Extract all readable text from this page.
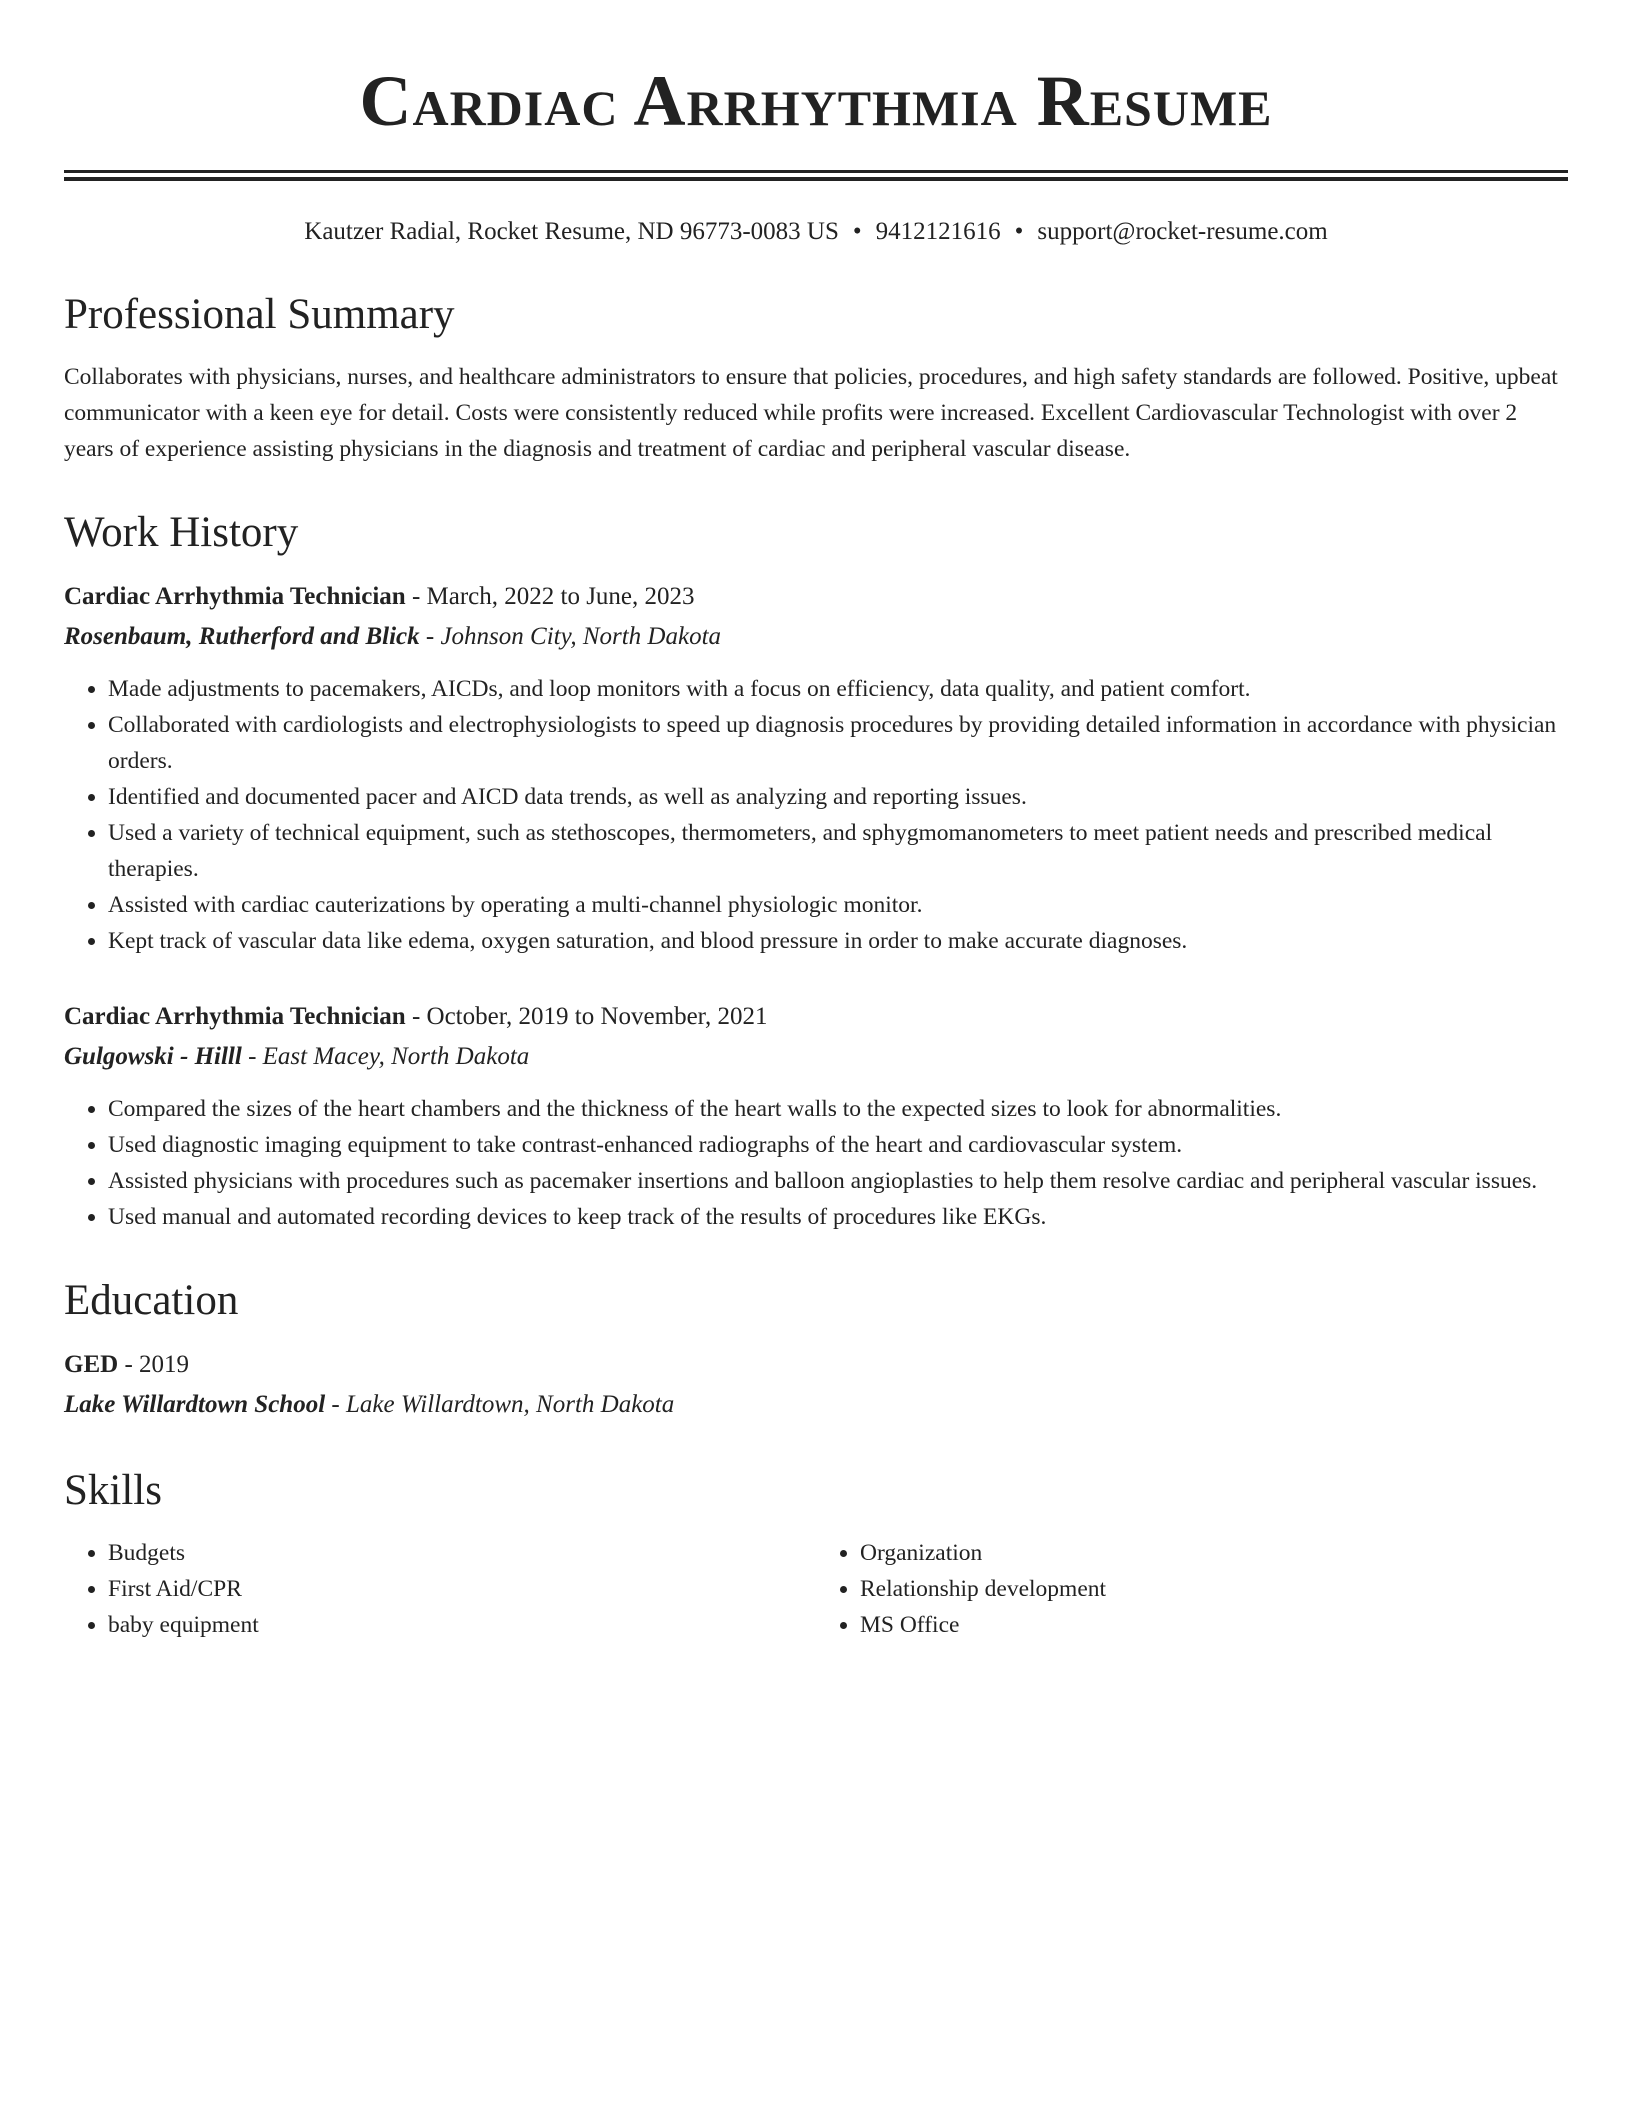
Cardiac Arrhythmia Resume
Kautzer Radial, Rocket Resume, ND 96773-0083 US • 9412121616 • support@rocket-resume.com
Professional Summary

Collaborates with physicians, nurses, and healthcare administrators to ensure that policies, procedures, and high safety standards are followed. Positive, upbeat communicator with a keen eye for detail. Costs were consistently reduced while profits were increased. Excellent Cardiovascular Technologist with over 2 years of experience assisting physicians in the diagnosis and treatment of cardiac and peripheral vascular disease.

Work History
Cardiac Arrhythmia Technician - March, 2022 to June, 2023
Rosenbaum, Rutherford and Blick - Johnson City, North Dakota
• Made adjustments to pacemakers, AICDs, and loop monitors with a focus on efficiency, data quality, and patient comfort.
• Collaborated with cardiologists and electrophysiologists to speed up diagnosis procedures by providing detailed information in accordance with physician orders.
• Identified and documented pacer and AICD data trends, as well as analyzing and reporting issues.
• Used a variety of technical equipment, such as stethoscopes, thermometers, and sphygmomanometers to meet patient needs and prescribed medical therapies.
• Assisted with cardiac cauterizations by operating a multi-channel physiologic monitor.
• Kept track of vascular data like edema, oxygen saturation, and blood pressure in order to make accurate diagnoses.
Cardiac Arrhythmia Technician - October, 2019 to November, 2021
Gulgowski - Hilll - East Macey, North Dakota
• Compared the sizes of the heart chambers and the thickness of the heart walls to the expected sizes to look for abnormalities.
• Used diagnostic imaging equipment to take contrast-enhanced radiographs of the heart and cardiovascular system.
• Assisted physicians with procedures such as pacemaker insertions and balloon angioplasties to help them resolve cardiac and peripheral vascular issues.
• Used manual and automated recording devices to keep track of the results of procedures like EKGs.
Education
GED - 2019
Lake Willardtown School - Lake Willardtown, North Dakota
Skills
• Budgets
• First Aid/CPR
• baby equipment
• Organization
• Relationship development
• MS Office
